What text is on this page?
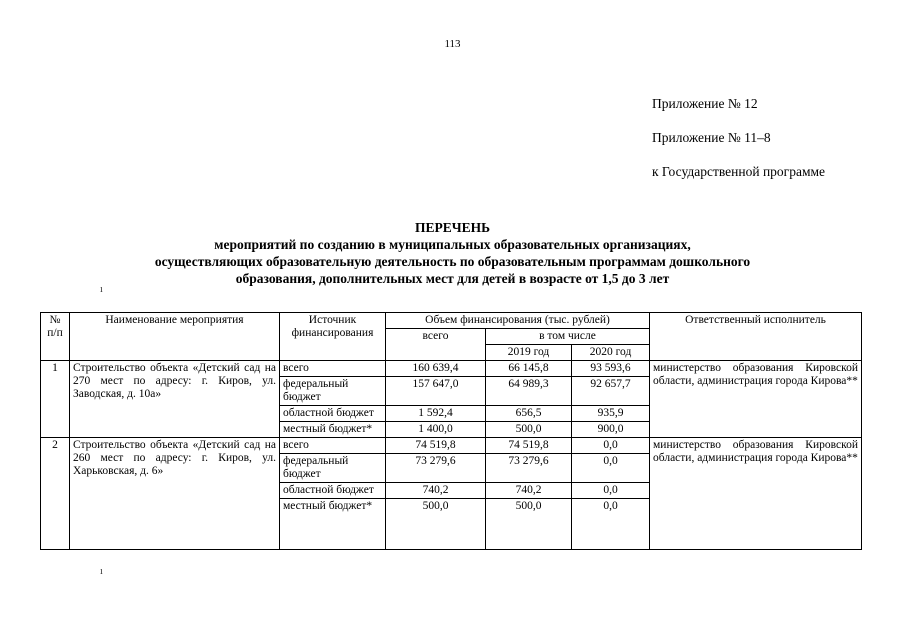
113
Приложение № 12
Приложение № 11–8
к Государственной программе
ПЕРЕЧЕНЬ
мероприятий по созданию в муниципальных образовательных организациях,
осуществляющих образовательную деятельность по образовательным программам дошкольного
образования, дополнительных мест для детей в возрасте от 1,5 до 3 лет
ı
ı
№ п/п	Наименование мероприятия	Источник финансирования	Объем финансирования (тыс. рублей)			Ответственный исполнитель
			всего	в том числе		
				2019 год	2020 год	
1	Строительство объекта «Детский сад на 270 мест по адресу: г. Киров, ул. Заводская, д. 10а»	всего	160 639,4	66 145,8	93 593,6	министерство образования Кировской области, администрация города Кирова**
		федеральный бюджет	157 647,0	64 989,3	92 657,7	
		областной бюджет	1 592,4	656,5	935,9	
		местный бюджет*	1 400,0	500,0	900,0	
2	Строительство объекта «Детский сад на 260 мест по адресу: г. Киров, ул. Харьковская, д. 6»	всего	74 519,8	74 519,8	0,0	министерство образования Кировской области, администрация города Кирова**
		федеральный бюджет	73 279,6	73 279,6	0,0	
		областной бюджет	740,2	740,2	0,0	
		местный бюджет*	500,0	500,0	0,0	
